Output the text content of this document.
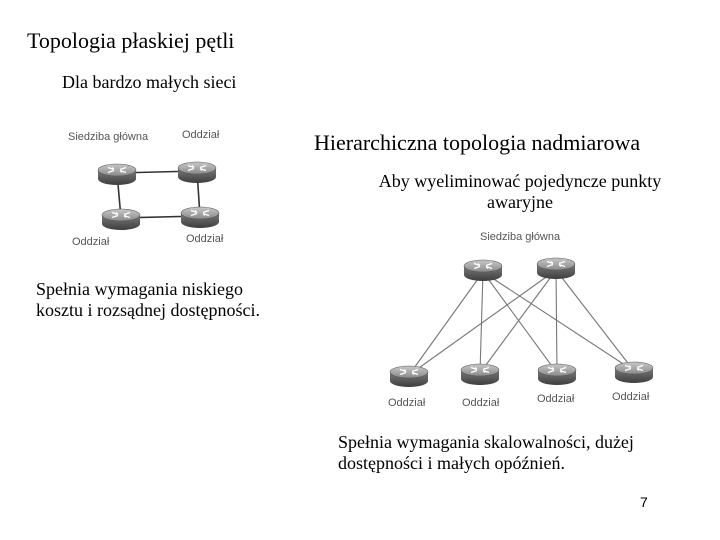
Topologia płaskiej pętli
Dla bardzo małych sieci
Hierarchiczna topologia nadmiarowa
Aby wyeliminować pojedyncze punkty awaryjne
Spełnia wymagania niskiego kosztu i rozsądnej dostępności.
Spełnia wymagania skalowalności, dużej dostępności i małych opóźnień.
7
Siedziba główna	Oddział
Oddział	Oddział	Siedziba główna
Oddział	Oddział	Oddział	Oddział
